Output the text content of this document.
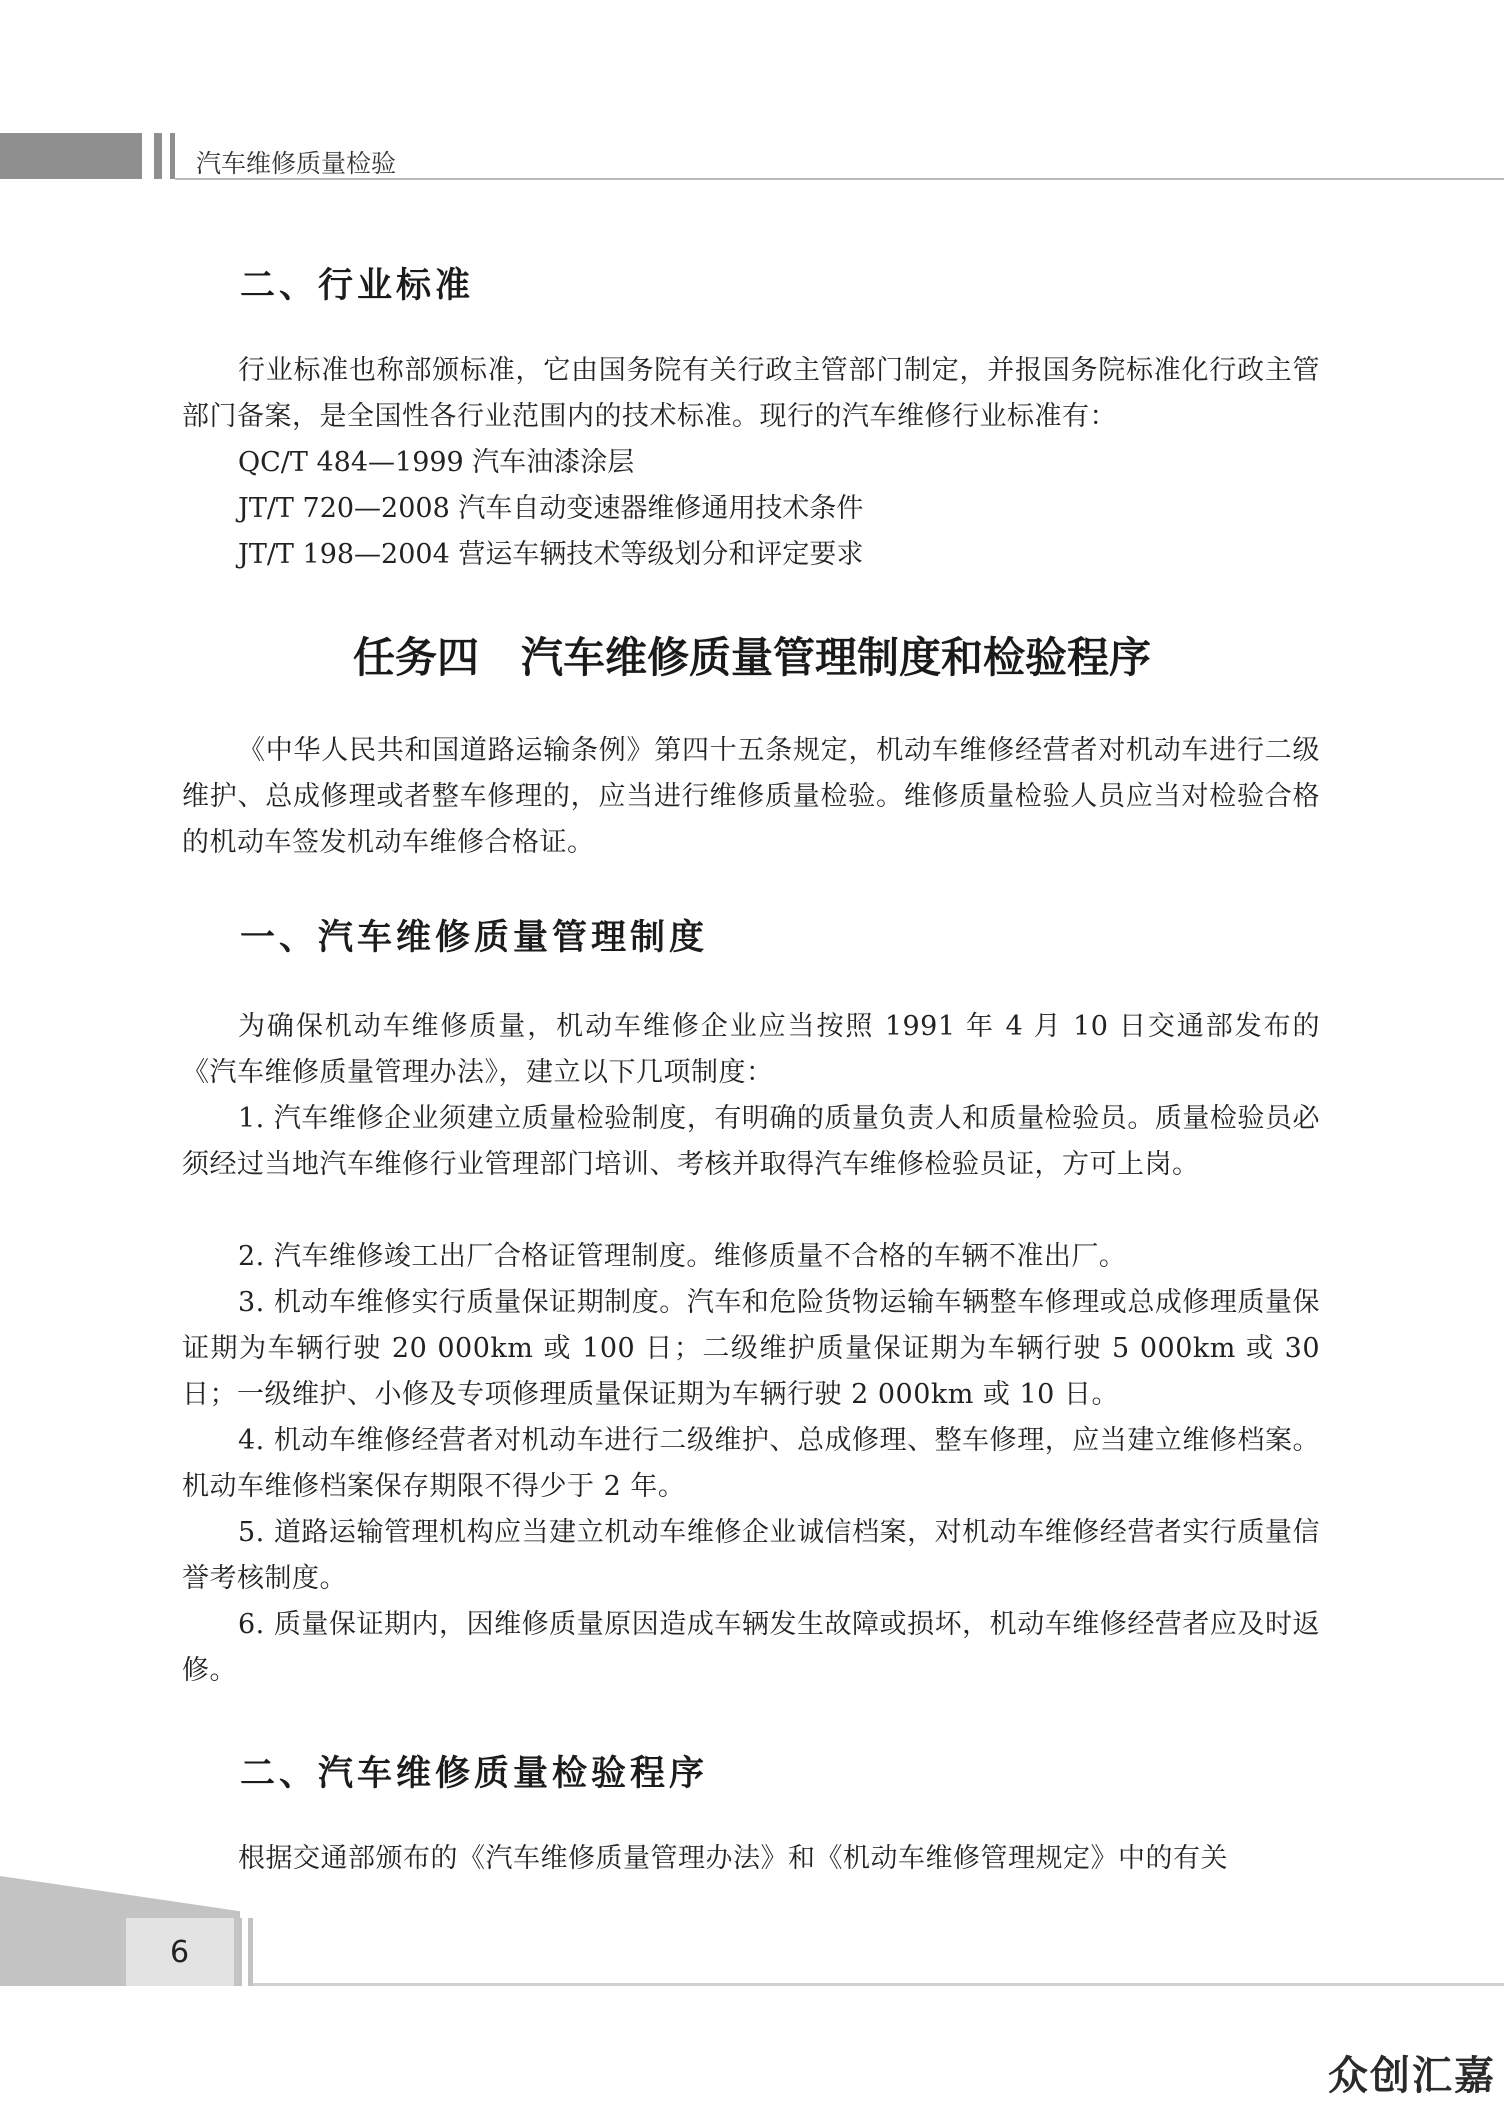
汽车维修质量检验
二、行业标准

行业标准也称部颁标准，它由国务院有关行政主管部门制定，并报国务院标准化行政主管部门备案，是全国性各行业范围内的技术标准。现行的汽车维修行业标准有：

QC/T 484—1999 汽车油漆涂层

JT/T 720—2008 汽车自动变速器维修通用技术条件

JT/T 198—2004 营运车辆技术等级划分和评定要求

任务四　汽车维修质量管理制度和检验程序

《中华人民共和国道路运输条例》第四十五条规定，机动车维修经营者对机动车进行二级维护、总成修理或者整车修理的，应当进行维修质量检验。维修质量检验人员应当对检验合格的机动车签发机动车维修合格证。

一、汽车维修质量管理制度

为确保机动车维修质量，机动车维修企业应当按照 1991 年 4 月 10 日交通部发布的《汽车维修质量管理办法》，建立以下几项制度：

1. 汽车维修企业须建立质量检验制度，有明确的质量负责人和质量检验员。质量检验员必须经过当地汽车维修行业管理部门培训、考核并取得汽车维修检验员证，方可上岗。

2. 汽车维修竣工出厂合格证管理制度。维修质量不合格的车辆不准出厂。

3. 机动车维修实行质量保证期制度。汽车和危险货物运输车辆整车修理或总成修理质量保证期为车辆行驶 20 000km 或 100 日；二级维护质量保证期为车辆行驶 5 000km 或 30 日；一级维护、小修及专项修理质量保证期为车辆行驶 2 000km 或 10 日。

4. 机动车维修经营者对机动车进行二级维护、总成修理、整车修理，应当建立维修档案。机动车维修档案保存期限不得少于 2 年。

5. 道路运输管理机构应当建立机动车维修企业诚信档案，对机动车维修经营者实行质量信誉考核制度。

6. 质量保证期内，因维修质量原因造成车辆发生故障或损坏，机动车维修经营者应及时返修。

二、汽车维修质量检验程序

根据交通部颁布的《汽车维修质量管理办法》和《机动车维修管理规定》中的有关

6
众创汇嘉
